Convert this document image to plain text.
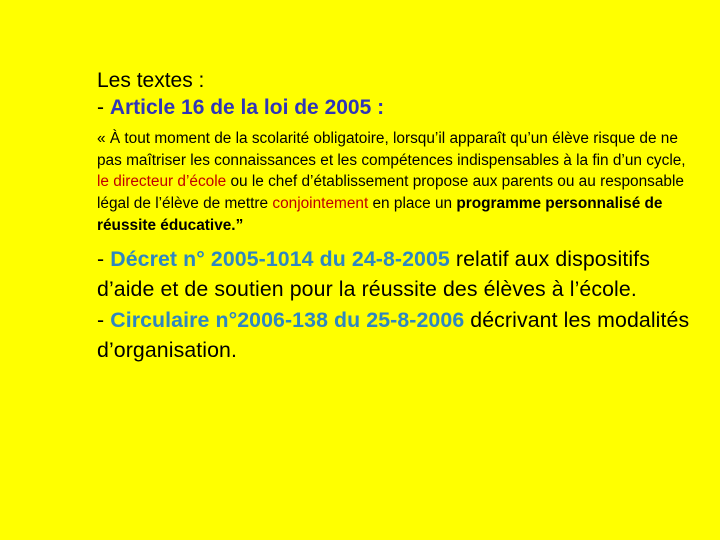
Les textes :

- Article 16 de la loi de 2005 :

« À tout moment de la scolarité obligatoire, lorsqu’il apparaît qu’un élève risque de ne pas maîtriser les connaissances et les compétences indispensables à la fin d’un cycle, le directeur d’école ou le chef d’établissement propose aux parents ou au responsable légal de l’élève de mettre conjointement en place un programme personnalisé de réussite éducative.”

- Décret n° 2005-1014 du 24-8-2005 relatif aux dispositifs d’aide et de soutien pour la réussite des élèves à l’école.
- Circulaire n°2006-138 du 25-8-2006 décrivant les modalités d’organisation.
